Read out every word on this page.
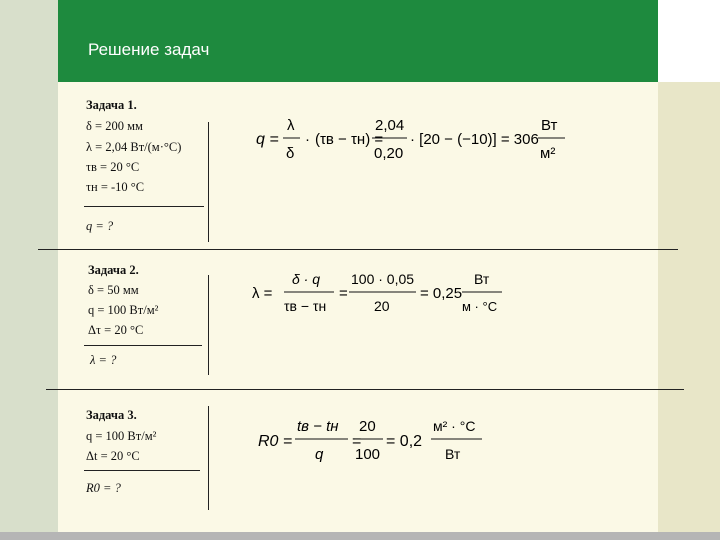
Решение задач
Задача 1.
δ = 200 мм
λ = 2,04 Вт/(м·°С)
τв = 20 °С
τн = -10 °С
q = ?
q =
λ
δ
· (τв − τн) =
2,04
0,20
· [20 − (−10)] = 306
Вт
м²
Задача 2.
δ = 50 мм
q = 100 Вт/м²
Δτ = 20 °С
λ = ?
λ =
δ · q
τв − τн
=
100 · 0,05
20
= 0,25
Вт
м · °С
Задача 3.
q = 100 Вт/м²
Δt = 20 °С
R0 = ?
R0 =
tв − tн
q
=
20
100
= 0,2
м² · °С
Вт
